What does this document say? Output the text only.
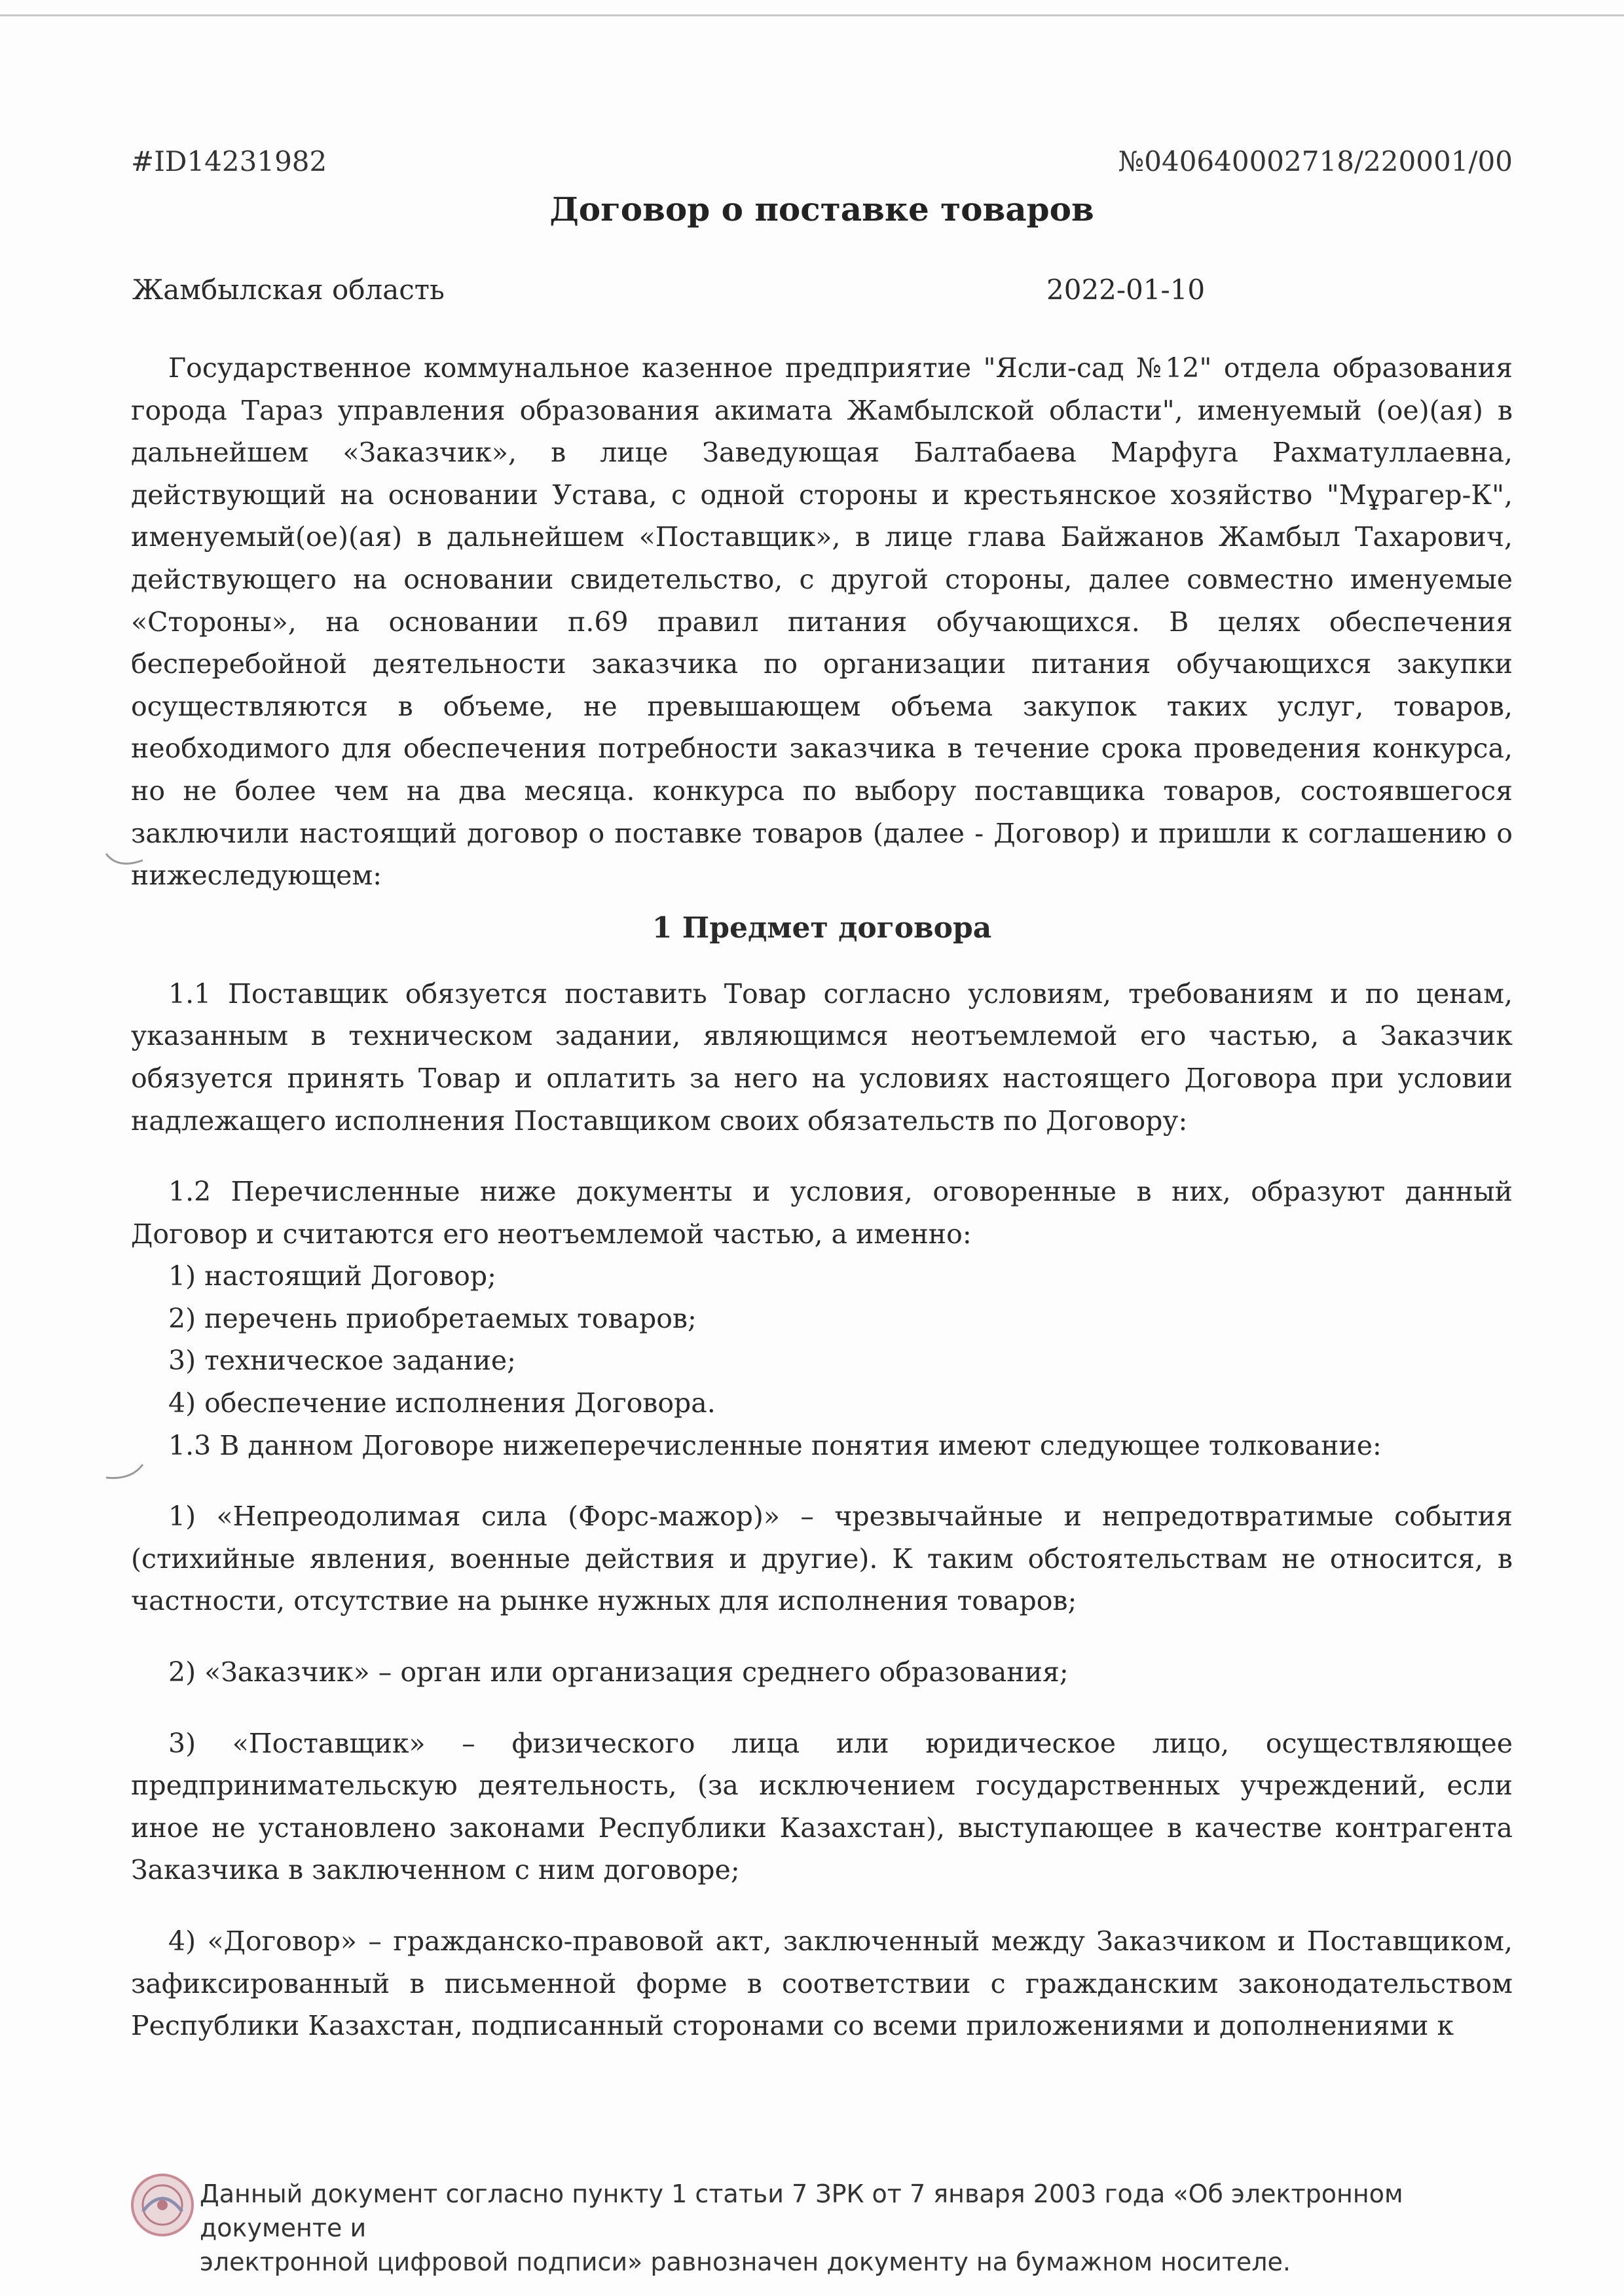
#ID14231982	№040640002718/220001/00
Договор о поставке товаров
Жамбылская область	2022-01-10

Государственное коммунальное казенное предприятие "Ясли-сад №12" отдела образования города Тараз управления образования акимата Жамбылской области", именуемый (ое)(ая) в дальнейшем «Заказчик», в лице Заведующая Балтабаева Марфуга Рахматуллаевна, действующий на основании Устава, с одной стороны и крестьянское хозяйство "Мұрагер-К", именуемый(ое)(ая) в дальнейшем «Поставщик», в лице глава Байжанов Жамбыл Тахарович, действующего на основании свидетельство, с другой стороны, далее совместно именуемые «Стороны», на основании п.69 правил питания обучающихся. В целях обеспечения бесперебойной деятельности заказчика по организации питания обучающихся закупки осуществляются в объеме, не превышающем объема закупок таких услуг, товаров, необходимого для обеспечения потребности заказчика в течение срока проведения конкурса, но не более чем на два месяца. конкурса по выбору поставщика товаров, состоявшегося заключили настоящий договор о поставке товаров (далее - Договор) и пришли к соглашению о нижеследующем:

1 Предмет договора

1.1 Поставщик обязуется поставить Товар согласно условиям, требованиям и по ценам, указанным в техническом задании, являющимся неотъемлемой его частью, а Заказчик обязуется принять Товар и оплатить за него на условиях настоящего Договора при условии надлежащего исполнения Поставщиком своих обязательств по Договору:

1.2 Перечисленные ниже документы и условия, оговоренные в них, образуют данный Договор и считаются его неотъемлемой частью, а именно:

1) настоящий Договор;

2) перечень приобретаемых товаров;

3) техническое задание;

4) обеспечение исполнения Договора.

1.3 В данном Договоре нижеперечисленные понятия имеют следующее толкование:

1) «Непреодолимая сила (Форс-мажор)» – чрезвычайные и непредотвратимые события (стихийные явления, военные действия и другие). К таким обстоятельствам не относится, в частности, отсутствие на рынке нужных для исполнения товаров;

2) «Заказчик» – орган или организация среднего образования;

3) «Поставщик» – физического лица или юридическое лицо, осуществляющее предпринимательскую деятельность, (за исключением государственных учреждений, если иное не установлено законами Республики Казахстан), выступающее в качестве контрагента Заказчика в заключенном с ним договоре;

4) «Договор» – гражданско-правовой акт, заключенный между Заказчиком и Поставщиком, зафиксированный в письменной форме в соответствии с гражданским законодательством Республики Казахстан, подписанный сторонами со всеми приложениями и дополнениями к

Данный документ согласно пункту 1 статьи 7 ЗРК от 7 января 2003 года «Об электронном документе и
электронной цифровой подписи» равнозначен документу на бумажном носителе.
